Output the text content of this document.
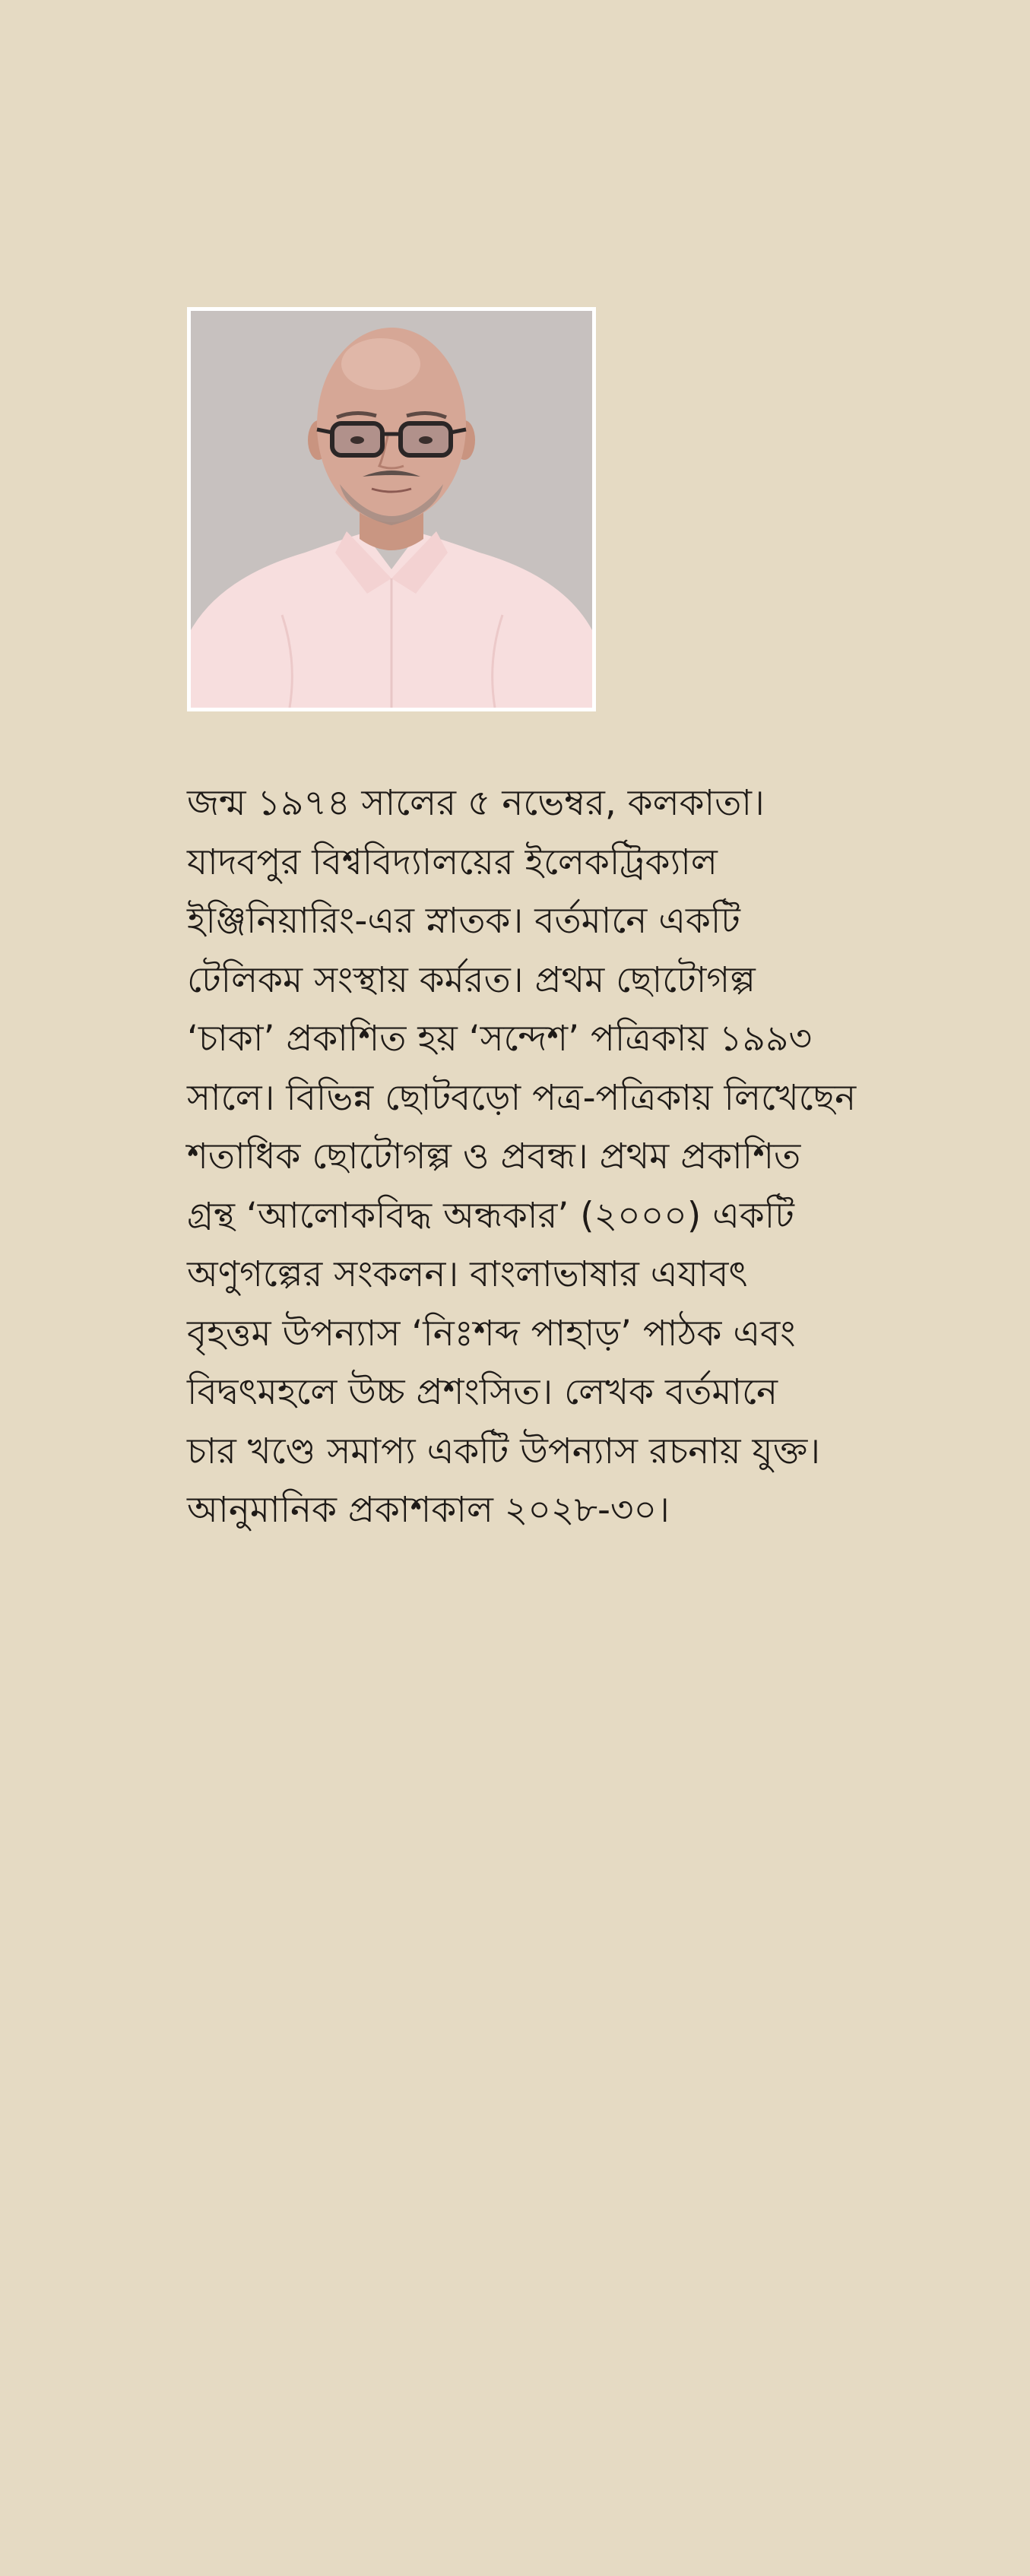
জন্ম ১৯৭৪ সালের ৫ নভেম্বর, কলকাতা।
যাদবপুর বিশ্ববিদ্যালয়ের ইলেকট্রিক্যাল
ইঞ্জিনিয়ারিং-এর স্নাতক। বর্তমানে একটি
টেলিকম সংস্থায় কর্মরত। প্রথম ছোটোগল্প
‘চাকা’ প্রকাশিত হয় ‘সন্দেশ’ পত্রিকায় ১৯৯৩
সালে। বিভিন্ন ছোটবড়ো পত্র-পত্রিকায় লিখেছেন
শতাধিক ছোটোগল্প ও প্রবন্ধ। প্রথম প্রকাশিত
গ্রন্থ ‘আলোকবিদ্ধ অন্ধকার’ (২০০০) একটি
অণুগল্পের সংকলন। বাংলাভাষার এযাবৎ
বৃহত্তম উপন্যাস ‘নিঃশব্দ পাহাড়’ পাঠক এবং
বিদ্বৎমহলে উচ্চ প্রশংসিত। লেখক বর্তমানে
চার খণ্ডে সমাপ্য একটি উপন্যাস রচনায় যুক্ত।
আনুমানিক প্রকাশকাল ২০২৮-৩০।
